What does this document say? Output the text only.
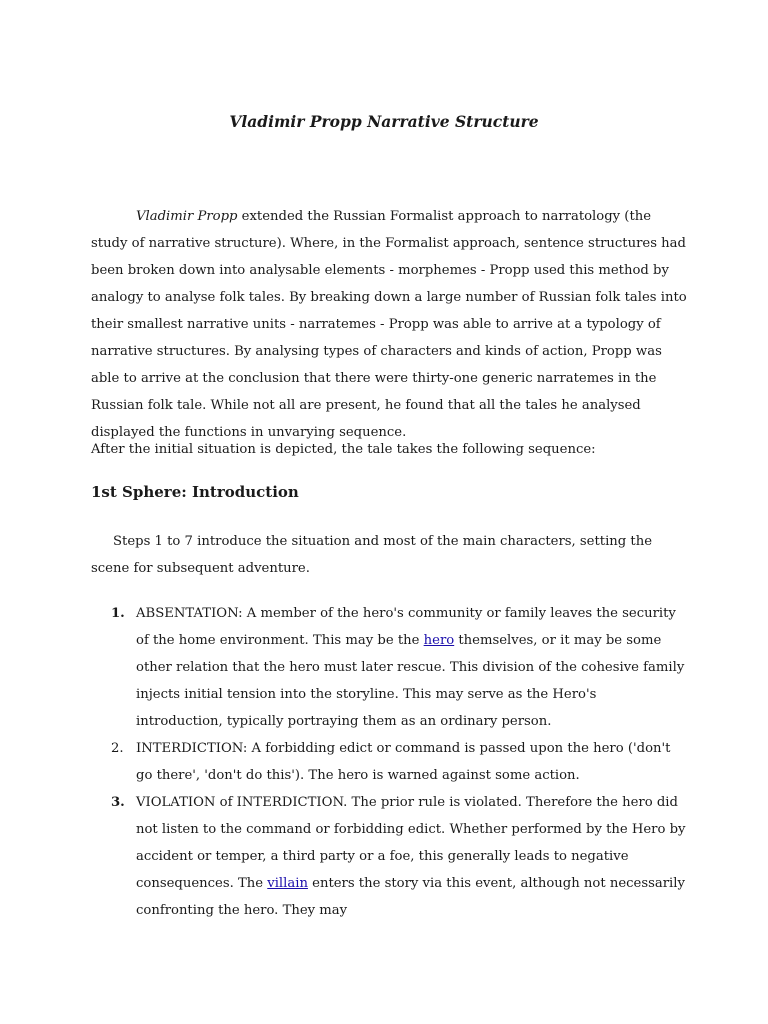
Vladimir Propp Narrative Structure

Vladimir Propp extended the Russian Formalist approach to narratology (the study of narrative structure). Where, in the Formalist approach, sentence structures had been broken down into analysable elements - morphemes - Propp used this method by analogy to analyse folk tales. By breaking down a large number of Russian folk tales into their smallest narrative units - narratemes - Propp was able to arrive at a typology of narrative structures. By analysing types of characters and kinds of action, Propp was able to arrive at the conclusion that there were thirty-one generic narratemes in the Russian folk tale. While not all are present, he found that all the tales he analysed displayed the functions in unvarying sequence.

After the initial situation is depicted, the tale takes the following sequence:

1st Sphere: Introduction

Steps 1 to 7 introduce the situation and most of the main characters, setting the scene for subsequent adventure.

1. ABSENTATION: A member of the hero's community or family leaves the security of the home environment. This may be the hero themselves, or it may be some other relation that the hero must later rescue. This division of the cohesive family injects initial tension into the storyline. This may serve as the Hero's introduction, typically portraying them as an ordinary person.
2. INTERDICTION: A forbidding edict or command is passed upon the hero ('don't go there', 'don't do this'). The hero is warned against some action.
3. VIOLATION of INTERDICTION. The prior rule is violated. Therefore the hero did not listen to the command or forbidding edict. Whether performed by the Hero by accident or temper, a third party or a foe, this generally leads to negative consequences. The villain enters the story via this event, although not necessarily confronting the hero. They may
